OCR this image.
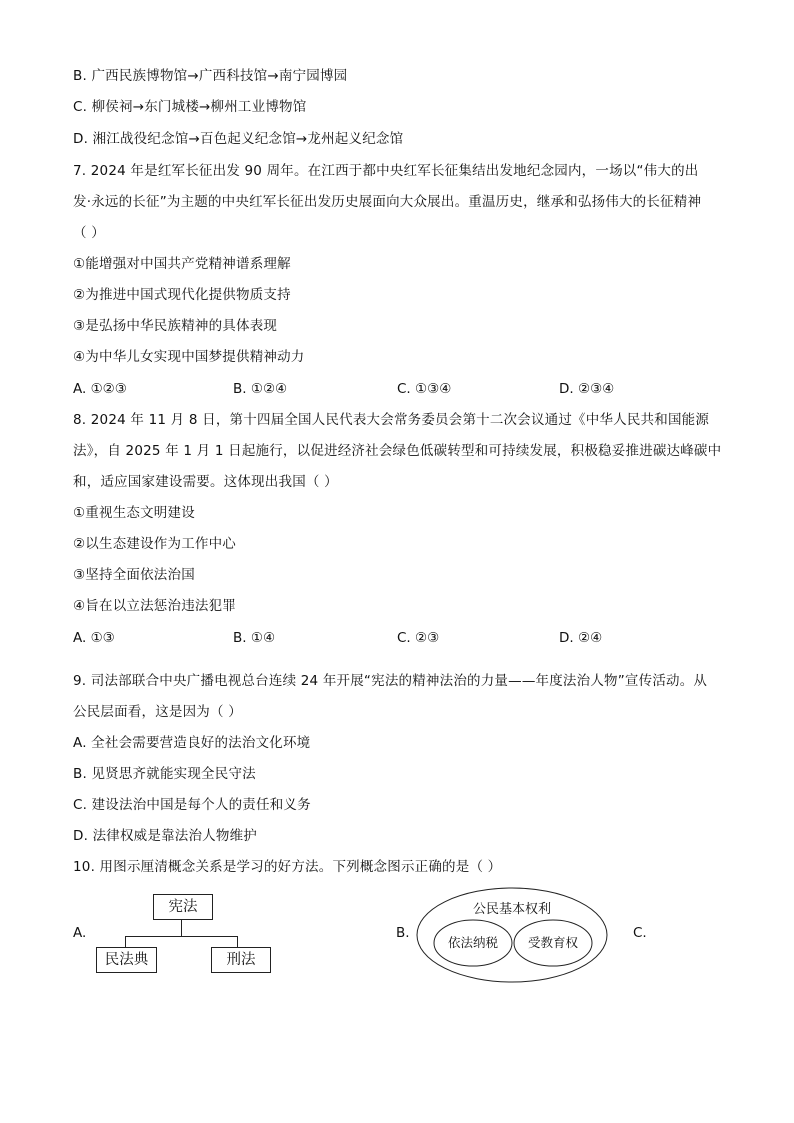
B. 广西民族博物馆→广西科技馆→南宁园博园
C. 柳侯祠→东门城楼→柳州工业博物馆
D. 湘江战役纪念馆→百色起义纪念馆→龙州起义纪念馆
7. 2024 年是红军长征出发 90 周年。在江西于都中央红军长征集结出发地纪念园内，一场以“伟大的出
发·永远的长征”为主题的中央红军长征出发历史展面向大众展出。重温历史，继承和弘扬伟大的长征精神
（ ）
①能增强对中国共产党精神谱系理解
②为推进中国式现代化提供物质支持
③是弘扬中华民族精神的具体表现
④为中华儿女实现中国梦提供精神动力
A. ①②③	B. ①②④	C. ①③④	D. ②③④
8. 2024 年 11 月 8 日，第十四届全国人民代表大会常务委员会第十二次会议通过《中华人民共和国能源
法》，自 2025 年 1 月 1 日起施行，以促进经济社会绿色低碳转型和可持续发展，积极稳妥推进碳达峰碳中
和，适应国家建设需要。这体现出我国（ ）
①重视生态文明建设
②以生态建设作为工作中心
③坚持全面依法治国
④旨在以立法惩治违法犯罪
A. ①③	B. ①④	C. ②③	D. ②④
9. 司法部联合中央广播电视总台连续 24 年开展“宪法的精神法治的力量——年度法治人物”宣传活动。从
公民层面看，这是因为（ ）
A. 全社会需要营造良好的法治文化环境
B. 见贤思齐就能实现全民守法
C. 建设法治中国是每个人的责任和义务
D. 法律权威是靠法治人物维护
10. 用图示厘清概念关系是学习的好方法。下列概念图示正确的是（ ）
A.
宪法
民法典	刑法
B.
公民基本权利
依法纳税 受教育权
C.
